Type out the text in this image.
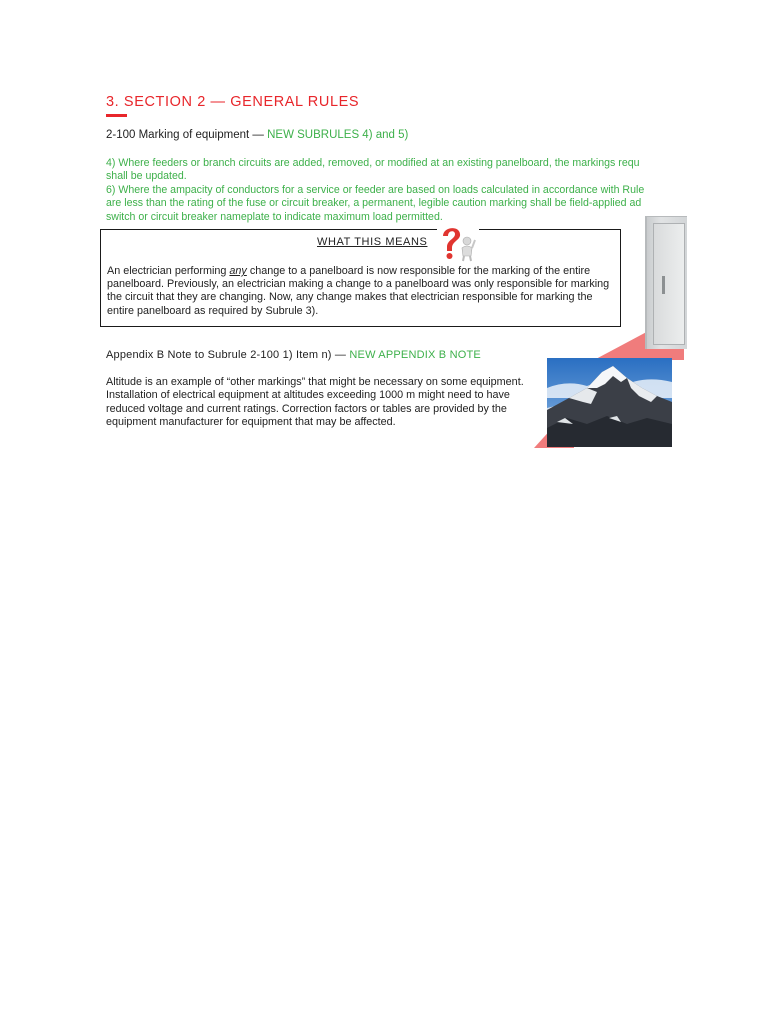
3. SECTION 2 — GENERAL RULES
2-100 Marking of equipment — NEW SUBRULES 4) and 5)
4) Where feeders or branch circuits are added, removed, or modified at an existing panelboard, the markings requ
shall be updated.
6) Where the ampacity of conductors for a service or feeder are based on loads calculated in accordance with Rule
are less than the rating of the fuse or circuit breaker, a permanent, legible caution marking shall be field-applied ad
switch or circuit breaker nameplate to indicate maximum load permitted.
WHAT THIS MEANS
An electrician performing any change to a panelboard is now responsible for the marking of the entire panelboard. Previously, an electrician making a change to a panelboard was only responsible for marking the circuit that they are changing. Now, any change makes that electrician responsible for marking the entire panelboard as required by Subrule 3).
Appendix B Note to Subrule 2-100 1) Item n) — NEW APPENDIX B NOTE
Altitude is an example of “other markings” that might be necessary on some equipment. Installation of electrical equipment at altitudes exceeding 1000 m might need to have reduced voltage and current ratings. Correction factors or tables are provided by the equipment manufacturer for equipment that may be affected.
